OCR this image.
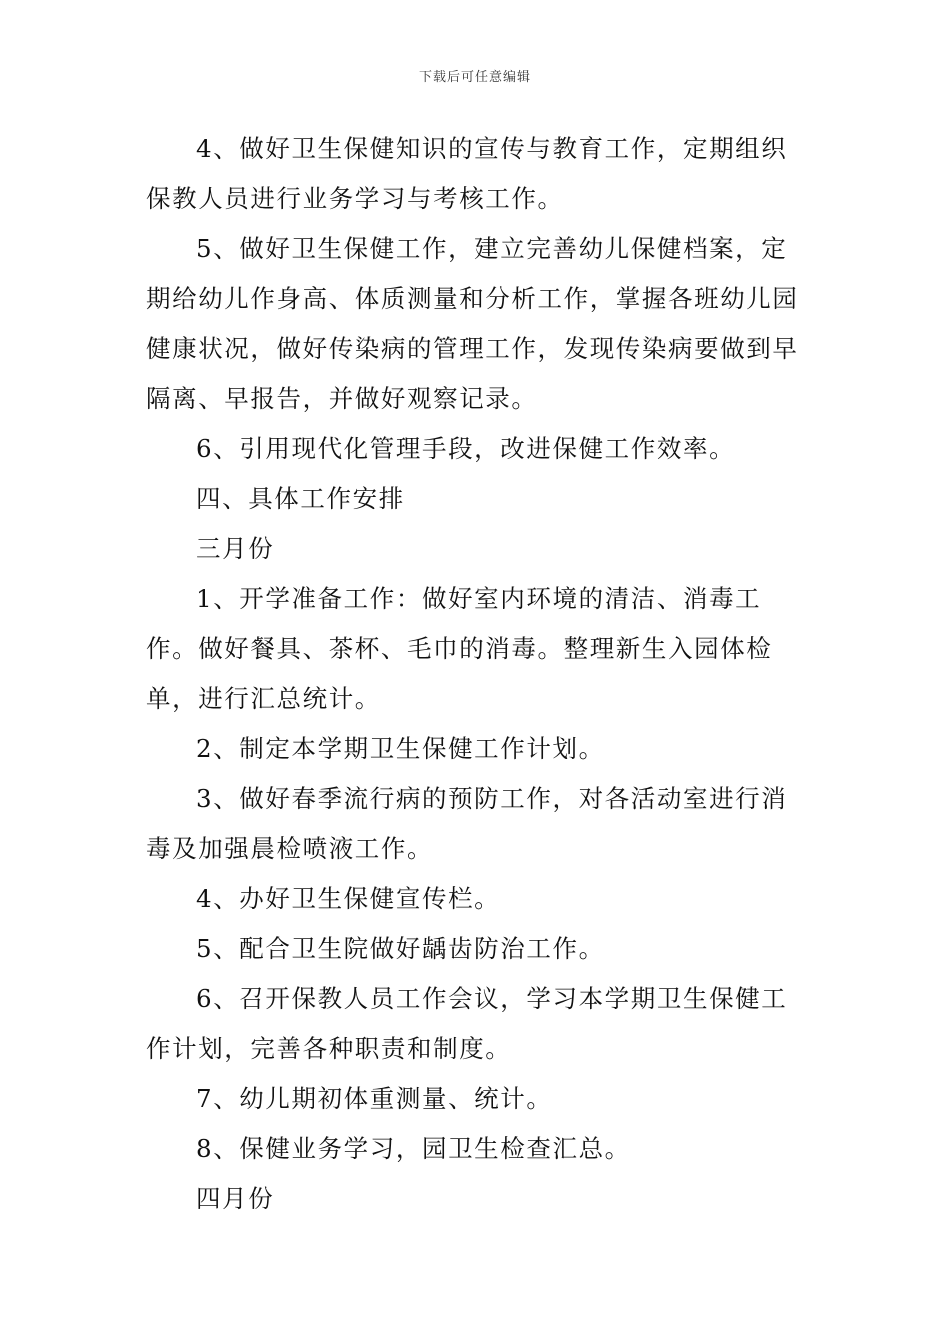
下载后可任意编辑

4、做好卫生保健知识的宣传与教育工作，定期组织保教人员进行业务学习与考核工作。

5、做好卫生保健工作，建立完善幼儿保健档案，定期给幼儿作身高、体质测量和分析工作，掌握各班幼儿园健康状况，做好传染病的管理工作，发现传染病要做到早隔离、早报告，并做好观察记录。

6、引用现代化管理手段，改进保健工作效率。

四、具体工作安排

三月份

1、开学准备工作：做好室内环境的清洁、消毒工作。做好餐具、茶杯、毛巾的消毒。整理新生入园体检单，进行汇总统计。

2、制定本学期卫生保健工作计划。

3、做好春季流行病的预防工作，对各活动室进行消毒及加强晨检喷液工作。

4、办好卫生保健宣传栏。

5、配合卫生院做好龋齿防治工作。

6、召开保教人员工作会议，学习本学期卫生保健工作计划，完善各种职责和制度。

7、幼儿期初体重测量、统计。

8、保健业务学习，园卫生检查汇总。

四月份
